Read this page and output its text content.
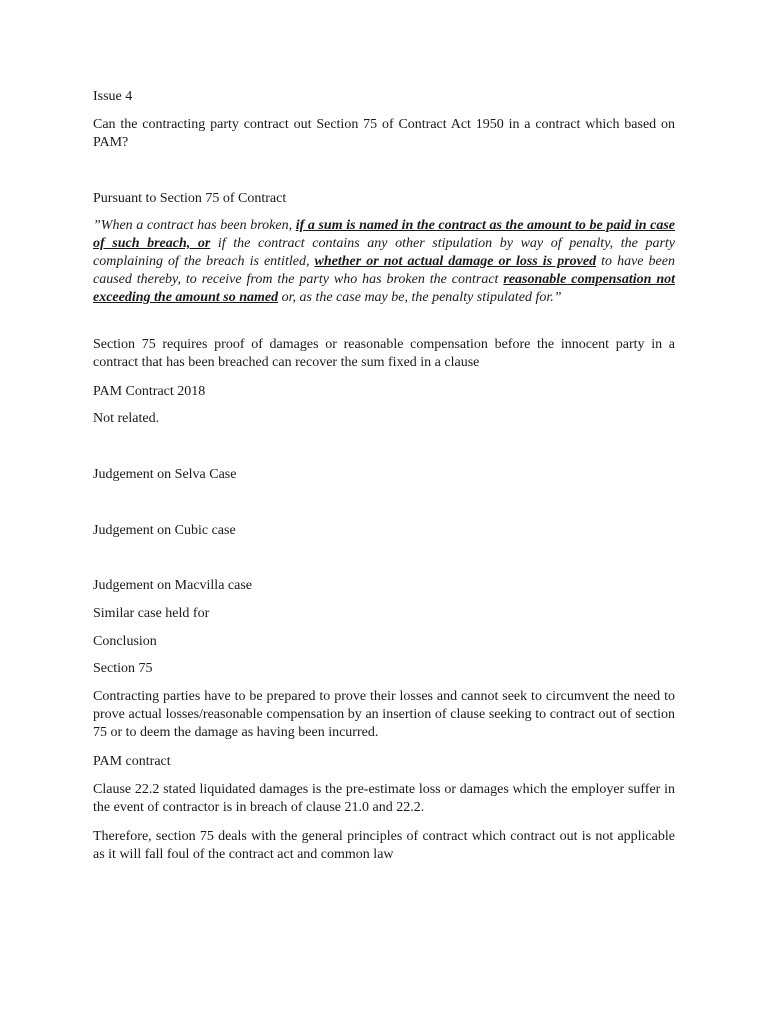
Issue 4

Can the contracting party contract out Section 75 of Contract Act 1950 in a contract which based on PAM?

Pursuant to Section 75 of Contract

”When a contract has been broken, if a sum is named in the contract as the amount to be paid in case of such breach, or if the contract contains any other stipulation by way of penalty, the party complaining of the breach is entitled, whether or not actual damage or loss is proved to have been caused thereby, to receive from the party who has broken the contract reasonable compensation not exceeding the amount so named or, as the case may be, the penalty stipulated for.”

Section 75 requires proof of damages or reasonable compensation before the innocent party in a contract that has been breached can recover the sum fixed in a clause

PAM Contract 2018

Not related.

Judgement on Selva Case

Judgement on Cubic case

Judgement on Macvilla case

Similar case held for

Conclusion

Section 75

Contracting parties have to be prepared to prove their losses and cannot seek to circumvent the need to prove actual losses/reasonable compensation by an insertion of clause seeking to contract out of section 75 or to deem the damage as having been incurred.

PAM contract

Clause 22.2 stated liquidated damages is the pre-estimate loss or damages which the employer suffer in the event of contractor is in breach of clause 21.0 and 22.2.

Therefore, section 75 deals with the general principles of contract which contract out is not applicable as it will fall foul of the contract act and common law
